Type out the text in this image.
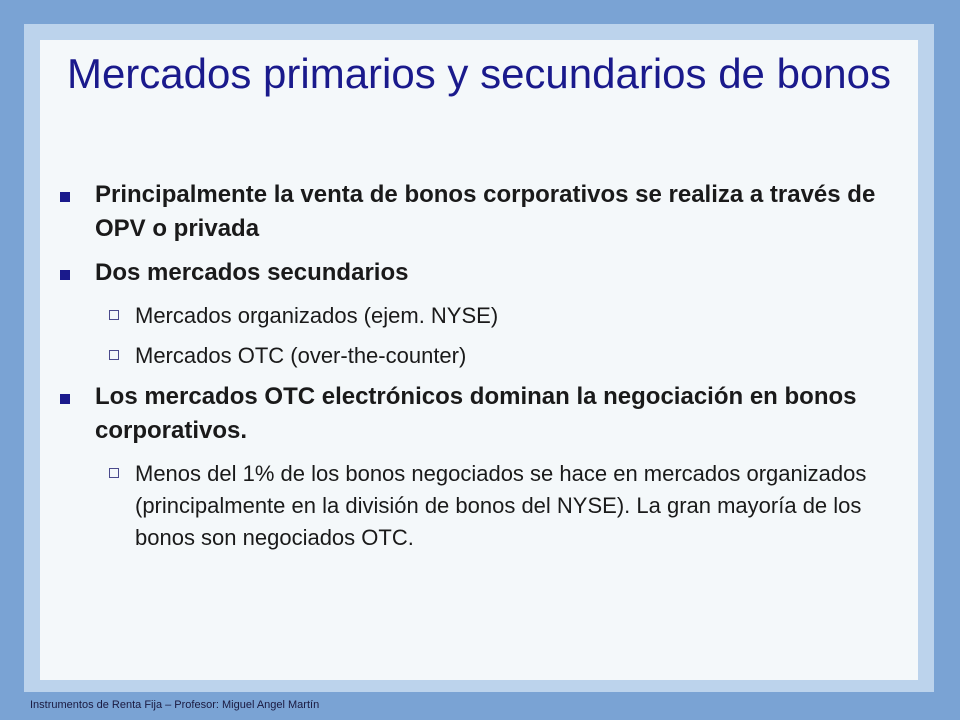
Mercados primarios y secundarios de bonos
Principalmente la venta de bonos corporativos se realiza a través de OPV o privada
Dos mercados secundarios
Mercados organizados (ejem. NYSE)
Mercados OTC (over-the-counter)
Los mercados OTC electrónicos dominan la negociación en bonos corporativos.
Menos del 1% de los bonos negociados se hace en mercados organizados (principalmente en la división de bonos del NYSE). La gran mayoría de los bonos son negociados OTC.
Instrumentos de Renta Fija – Profesor: Miguel Angel Martín
